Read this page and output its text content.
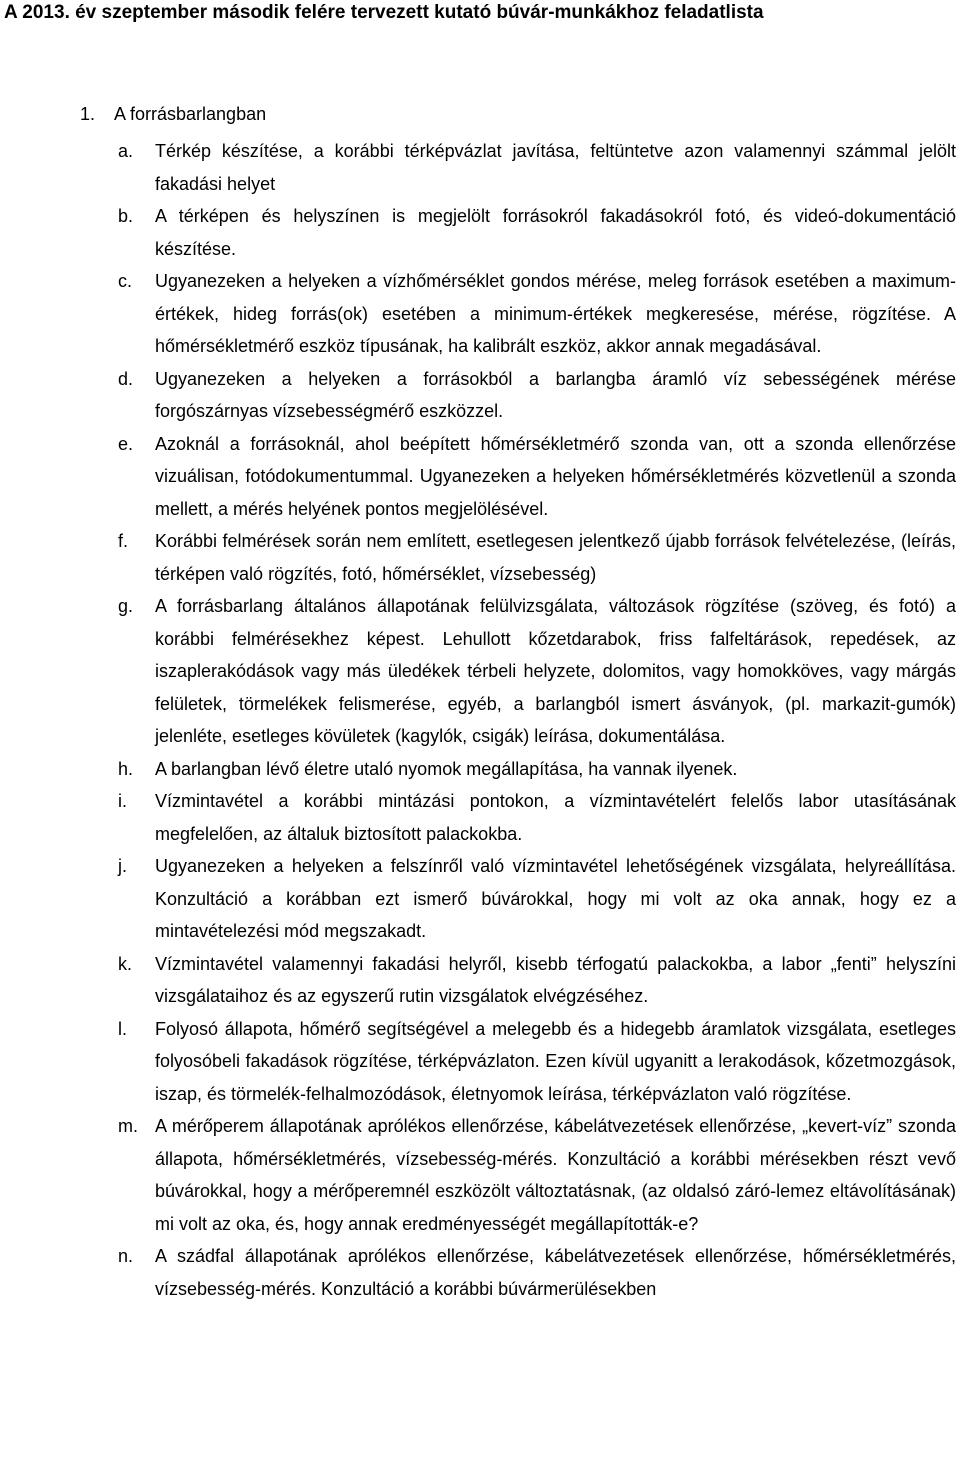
A 2013. év szeptember második felére tervezett kutató búvár-munkákhoz feladatlista
1. A forrásbarlangban
a.	Térkép készítése, a korábbi térképvázlat javítása, feltüntetve azon valamennyi számmal jelölt fakadási helyet
b.	A térképen és helyszínen is megjelölt forrásokról fakadásokról fotó, és videó-dokumentáció készítése.
c.	Ugyanezeken a helyeken a vízhőmérséklet gondos mérése, meleg források esetében a maximum-értékek, hideg forrás(ok) esetében a minimum-értékek megkeresése, mérése, rögzítése. A hőmérsékletmérő eszköz típusának, ha kalibrált eszköz, akkor annak megadásával.
d.	Ugyanezeken a helyeken a forrásokból a barlangba áramló víz sebességének mérése forgószárnyas vízsebességmérő eszközzel.
e.	Azoknál a forrásoknál, ahol beépített hőmérsékletmérő szonda van, ott a szonda ellenőrzése vizuálisan, fotódokumentummal. Ugyanezeken a helyeken hőmérsékletmérés közvetlenül a szonda mellett, a mérés helyének pontos megjelölésével.
f.	Korábbi felmérések során nem említett, esetlegesen jelentkező újabb források felvételezése, (leírás, térképen való rögzítés, fotó, hőmérséklet, vízsebesség)
g.	A forrásbarlang általános állapotának felülvizsgálata, változások rögzítése (szöveg, és fotó) a korábbi felmérésekhez képest. Lehullott kőzetdarabok, friss falfeltárások, repedések, az iszaplerakódások vagy más üledékek térbeli helyzete, dolomitos, vagy homokköves, vagy márgás felületek, törmelékek felismerése, egyéb, a barlangból ismert ásványok, (pl. markazit-gumók) jelenléte, esetleges kövületek (kagylók, csigák) leírása, dokumentálása.
h.	A barlangban lévő életre utaló nyomok megállapítása, ha vannak ilyenek.
i.	Vízmintavétel a korábbi mintázási pontokon, a vízmintavételért felelős labor utasításának megfelelően, az általuk biztosított palackokba.
j.	Ugyanezeken a helyeken a felszínről való vízmintavétel lehetőségének vizsgálata, helyreállítása. Konzultáció a korábban ezt ismerő búvárokkal, hogy mi volt az oka annak, hogy ez a mintavételezési mód megszakadt.
k.	Vízmintavétel valamennyi fakadási helyről, kisebb térfogatú palackokba, a labor „fenti” helyszíni vizsgálataihoz és az egyszerű rutin vizsgálatok elvégzéséhez.
l.	Folyosó állapota, hőmérő segítségével a melegebb és a hidegebb áramlatok vizsgálata, esetleges folyosóbeli fakadások rögzítése, térképvázlaton. Ezen kívül ugyanitt a lerakodások, kőzetmozgások, iszap, és törmelék-felhalmozódások, életnyomok leírása, térképvázlaton való rögzítése.
m. A mérőperem állapotának aprólékos ellenőrzése, kábelátvezetések ellenőrzése, „kevert-víz” szonda állapota, hőmérsékletmérés, vízsebesség-mérés. Konzultáció a korábbi mérésekben részt vevő búvárokkal, hogy a mérőperemnél eszközölt változtatásnak, (az oldalsó záró-lemez eltávolításának) mi volt az oka, és, hogy annak eredményességét megállapították-e?
n.	A szádfal állapotának aprólékos ellenőrzése, kábelátvezetések ellenőrzése, hőmérsékletmérés, vízsebesség-mérés. Konzultáció a korábbi búvármerülésekben
